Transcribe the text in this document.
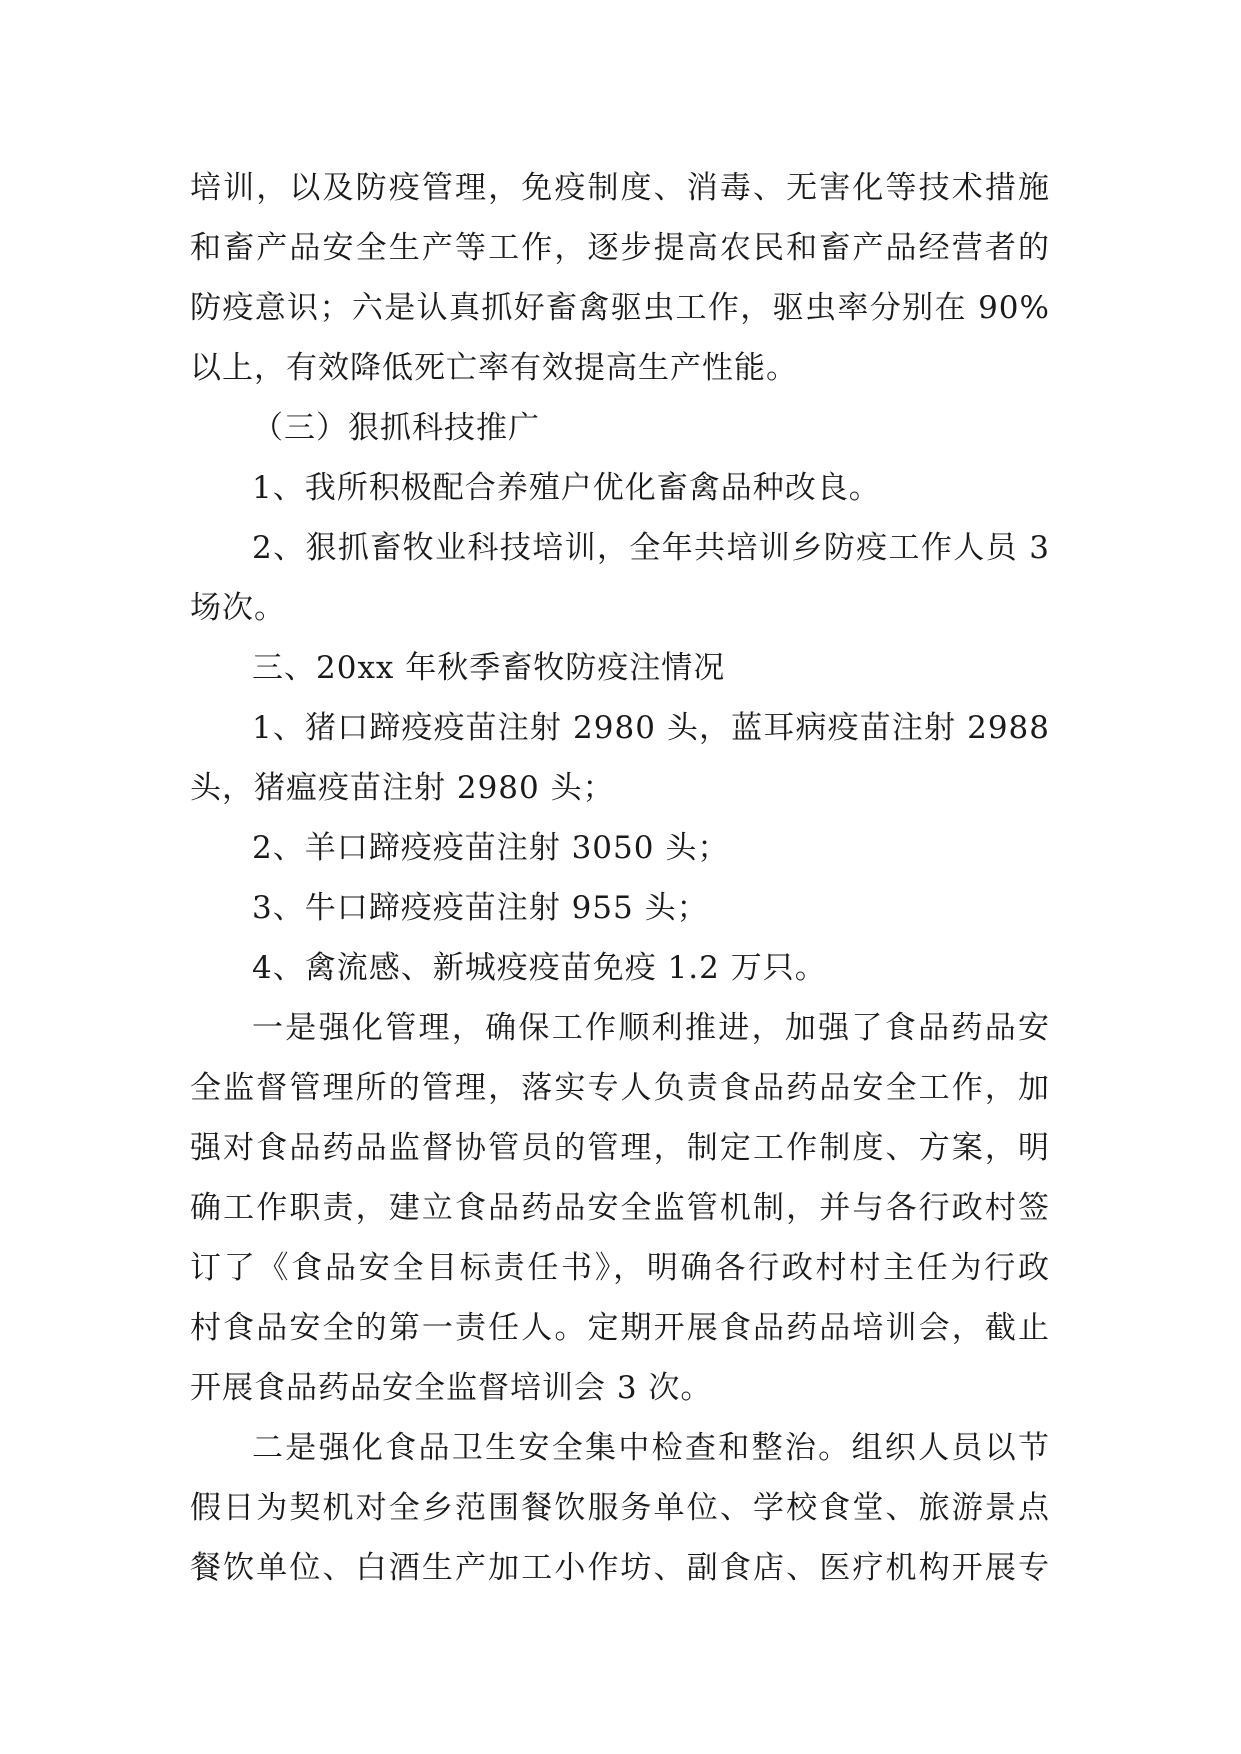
培训，以及防疫管理，免疫制度、消毒、无害化等技术措施
和畜产品安全生产等工作，逐步提高农民和畜产品经营者的
防疫意识；六是认真抓好畜禽驱虫工作，驱虫率分别在 90%
以上，有效降低死亡率有效提高生产性能。
（三）狠抓科技推广
1、我所积极配合养殖户优化畜禽品种改良。
2、狠抓畜牧业科技培训，全年共培训乡防疫工作人员 3
场次。
三、20xx 年秋季畜牧防疫注情况
1、猪口蹄疫疫苗注射 2980 头，蓝耳病疫苗注射 2988
头，猪瘟疫苗注射 2980 头；
2、羊口蹄疫疫苗注射 3050 头；
3、牛口蹄疫疫苗注射 955 头；
4、禽流感、新城疫疫苗免疫 1.2 万只。
一是强化管理，确保工作顺利推进，加强了食品药品安
全监督管理所的管理，落实专人负责食品药品安全工作，加
强对食品药品监督协管员的管理，制定工作制度、方案，明
确工作职责，建立食品药品安全监管机制，并与各行政村签
订了《食品安全目标责任书》，明确各行政村村主任为行政
村食品安全的第一责任人。定期开展食品药品培训会，截止
开展食品药品安全监督培训会 3 次。
二是强化食品卫生安全集中检查和整治。组织人员以节
假日为契机对全乡范围餐饮服务单位、学校食堂、旅游景点
餐饮单位、白酒生产加工小作坊、副食店、医疗机构开展专
